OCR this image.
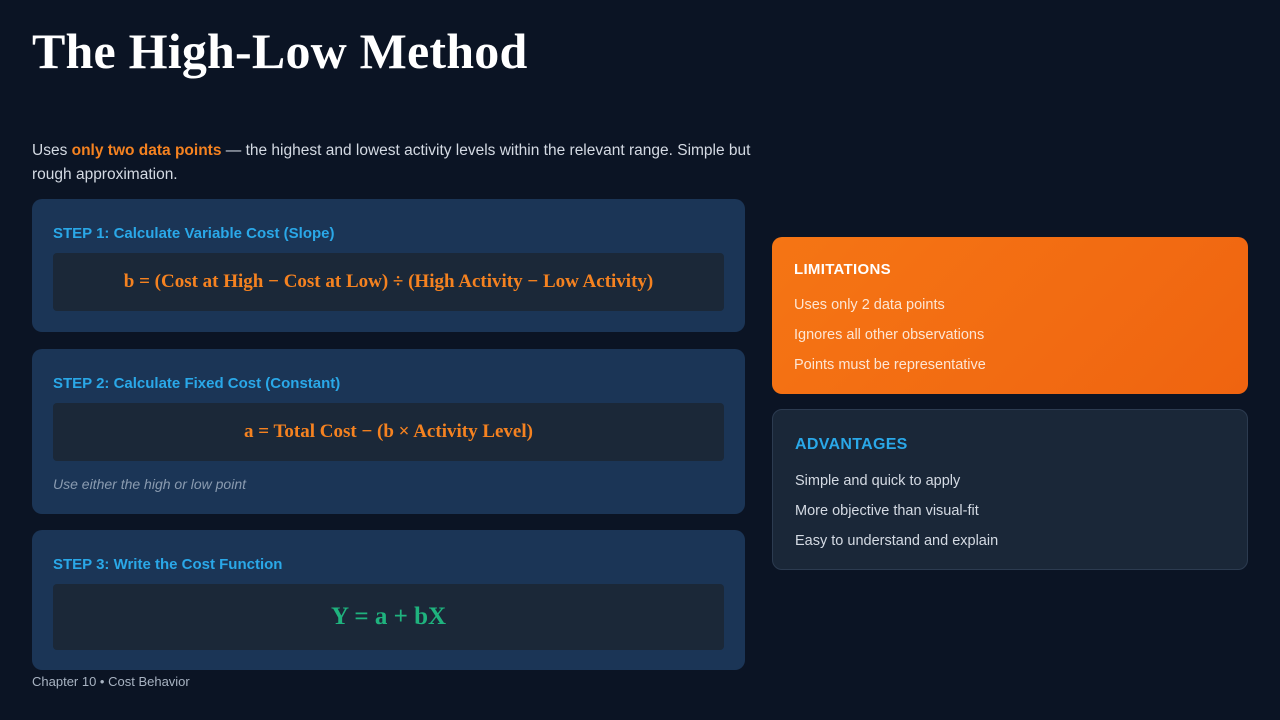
The High-Low Method

Uses only two data points — the highest and lowest activity levels within the relevant range. Simple but rough approximation.

STEP 1: Calculate Variable Cost (Slope)
b = (Cost at High − Cost at Low) ÷ (High Activity − Low Activity)
STEP 2: Calculate Fixed Cost (Constant)
a = Total Cost − (b × Activity Level)
Use either the high or low point
STEP 3: Write the Cost Function
Y = a + bX
Chapter 10 • Cost Behavior
LIMITATIONS
Uses only 2 data points
Ignores all other observations
Points must be representative
ADVANTAGES
Simple and quick to apply
More objective than visual-fit
Easy to understand and explain
